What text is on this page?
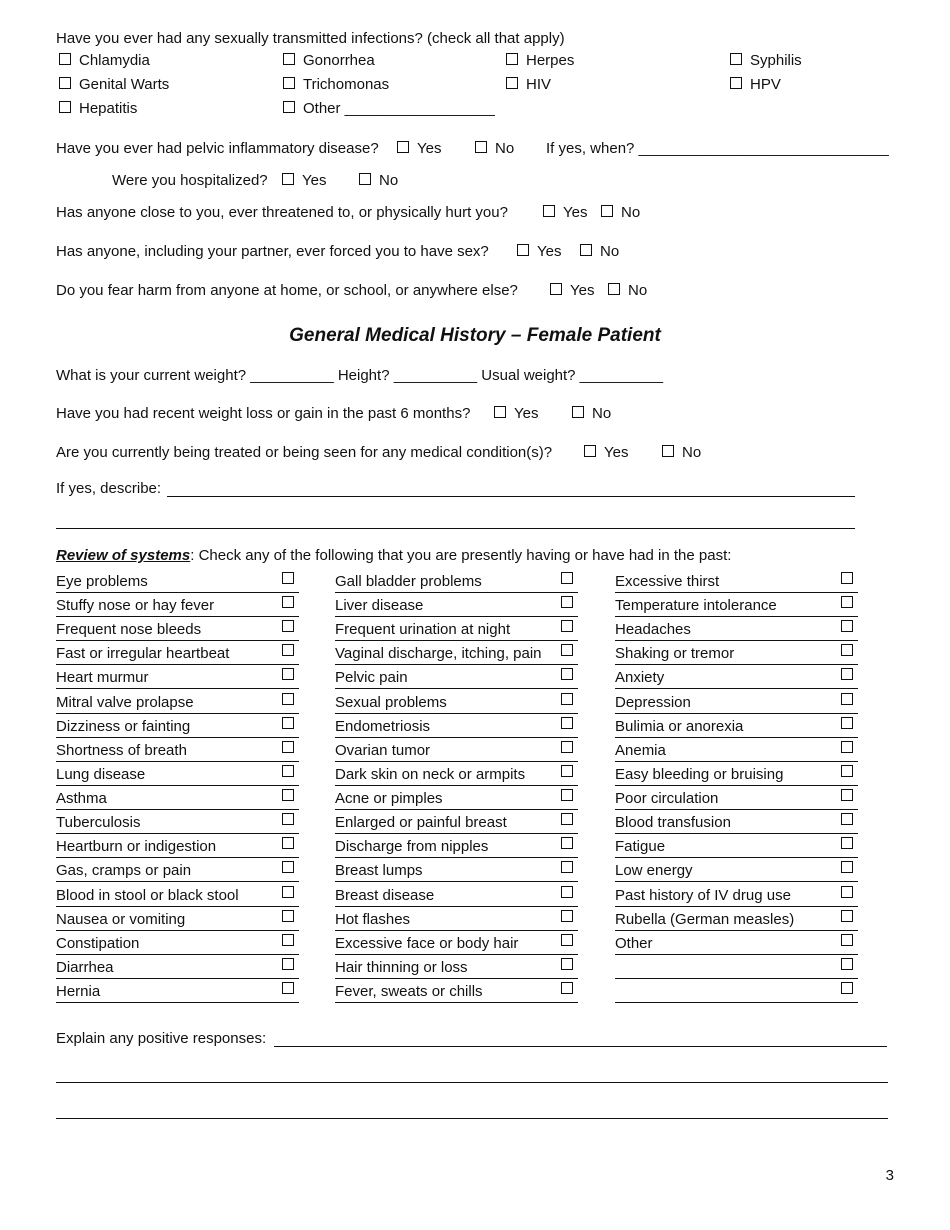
Have you ever had any sexually transmitted infections? (check all that apply)
Chlamydia	Gonorrhea	Herpes	Syphilis
Genital Warts	Trichomonas	HIV	HPV
Hepatitis	Other __________________
Have you ever had pelvic inflammatory disease?	Yes	No If yes, when? ______________________________
Were you hospitalized? Yes	No
Has anyone close to you, ever threatened to, or physically hurt you?	Yes No
Has anyone, including your partner, ever forced you to have sex?	Yes	No
Do you fear harm from anyone at home, or school, or anywhere else?	Yes No
General Medical History – Female Patient
What is your current weight? __________ Height? __________ Usual weight? __________
Have you had recent weight loss or gain in the past 6 months?	Yes	No
Are you currently being treated or being seen for any medical condition(s)?	Yes	No
If yes, describe:
Review of systems: Check any of the following that you are presently having or have had in the past:
Eye problems
Stuffy nose or hay fever
Frequent nose bleeds
Fast or irregular heartbeat
Heart murmur
Mitral valve prolapse
Dizziness or fainting
Shortness of breath
Lung disease
Asthma
Tuberculosis
Heartburn or indigestion
Gas, cramps or pain
Blood in stool or black stool
Nausea or vomiting
Constipation
Diarrhea
Hernia
Gall bladder problems
Liver disease
Frequent urination at night
Vaginal discharge, itching, pain
Pelvic pain
Sexual problems
Endometriosis
Ovarian tumor
Dark skin on neck or armpits
Acne or pimples
Enlarged or painful breast
Discharge from nipples
Breast lumps
Breast disease
Hot flashes
Excessive face or body hair
Hair thinning or loss
Fever, sweats or chills
Excessive thirst
Temperature intolerance
Headaches
Shaking or tremor
Anxiety
Depression
Bulimia or anorexia
Anemia
Easy bleeding or bruising
Poor circulation
Blood transfusion
Fatigue
Low energy
Past history of IV drug use
Rubella (German measles)
Other
Explain any positive responses:
3
